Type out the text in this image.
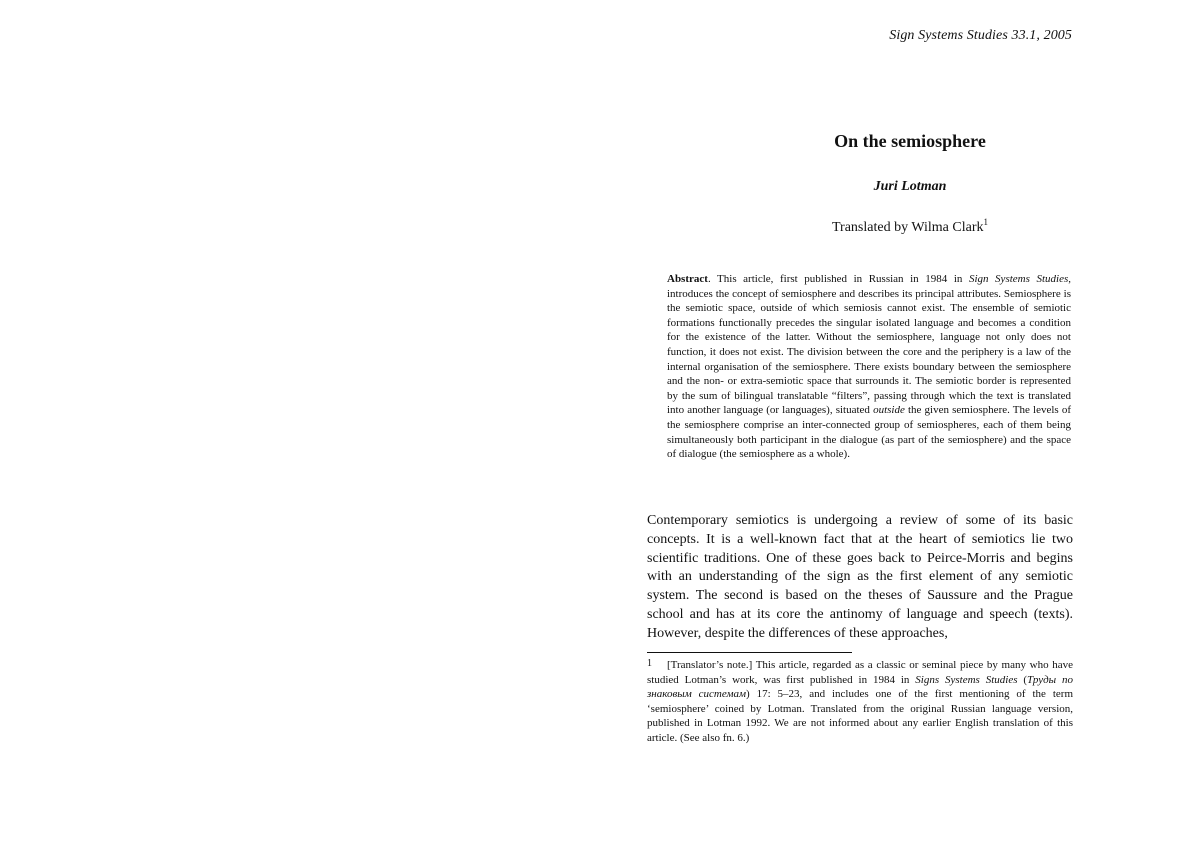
Sign Systems Studies 33.1, 2005
On the semiosphere
Juri Lotman
Translated by Wilma Clark$^1$

Abstract. This article, first published in Russian in 1984 in Sign Systems Studies, introduces the concept of semiosphere and describes its principal attributes. Semiosphere is the semiotic space, outside of which semiosis cannot exist. The ensemble of semiotic formations functionally precedes the singular isolated language and becomes a condition for the existence of the latter. Without the semiosphere, language not only does not function, it does not exist. The division between the core and the periphery is a law of the internal organisation of the semiosphere. There exists boundary between the semiosphere and the non- or extra-semiotic space that surrounds it. The semiotic border is represented by the sum of bilingual translatable “filters”, passing through which the text is translated into another language (or languages), situated outside the given semiosphere. The levels of the semiosphere comprise an inter-connected group of semiospheres, each of them being simultaneously both participant in the dialogue (as part of the semiosphere) and the space of dialogue (the semiosphere as a whole).

Contemporary semiotics is undergoing a review of some of its basic concepts. It is a well-known fact that at the heart of semiotics lie two scientific traditions. One of these goes back to Peirce-Morris and begins with an understanding of the sign as the first element of any semiotic system. The second is based on the theses of Saussure and the Prague school and has at its core the antinomy of language and speech (texts). However, despite the differences of these approaches,

1 [Translator’s note.] This article, regarded as a classic or seminal piece by many who have studied Lotman’s work, was first published in 1984 in Signs Systems Studies (Труды по знаковым системам) 17: 5–23, and includes one of the first mentioning of the term ‘semiosphere’ coined by Lotman. Translated from the original Russian language version, published in Lotman 1992. We are not informed about any earlier English translation of this article. (See also fn. 6.)
